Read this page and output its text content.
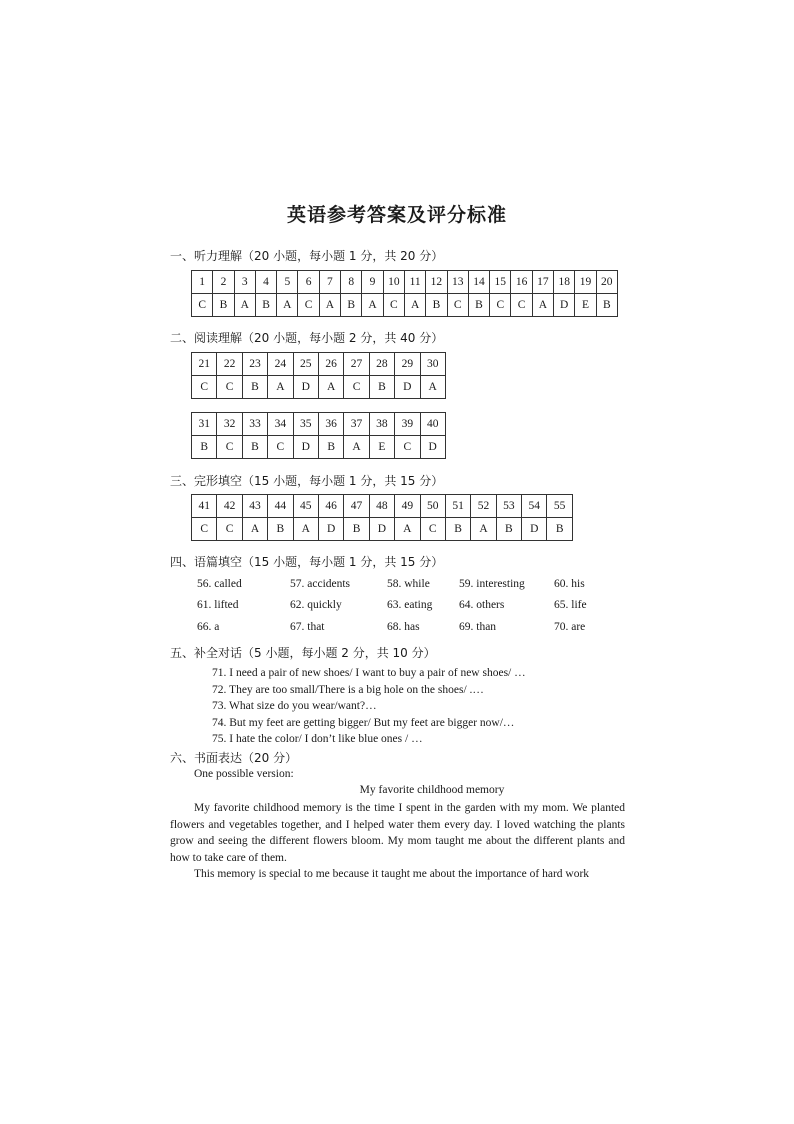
英语参考答案及评分标准
一、听力理解（20 小题，每小题 1 分，共 20 分）
1	2	3	4	5	6	7	8	9	10	11	12	13	14	15	16	17	18	19	20
C	B	A	B	A	C	A	B	A	C	A	B	C	B	C	C	A	D	E	B
二、阅读理解（20 小题，每小题 2 分，共 40 分）
21	22	23	24	25	26	27	28	29	30
C	C	B	A	D	A	C	B	D	A
31	32	33	34	35	36	37	38	39	40
B	C	B	C	D	B	A	E	C	D
三、完形填空（15 小题，每小题 1 分，共 15 分）
41	42	43	44	45	46	47	48	49	50	51	52	53	54	55
C	C	A	B	A	D	B	D	A	C	B	A	B	D	B
四、语篇填空（15 小题，每小题 1 分，共 15 分）
56. called	57. accidents	58. while	59. interesting	60. his
61. lifted	62. quickly	63. eating 64. others	65. life
66. a	67. that	68. has	69. than	70. are
五、补全对话（5 小题，每小题 2 分，共 10 分）
71. I need a pair of new shoes/ I want to buy a pair of new shoes/ …
72. They are too small/There is a big hole on the shoes/ .…
73. What size do you wear/want?…
74. But my feet are getting bigger/ But my feet are bigger now/…
75. I hate the color/ I don’t like blue ones / …
六、书面表达（20 分）
One possible version:
My favorite childhood memory

My favorite childhood memory is the time I spent in the garden with my mom. We planted flowers and vegetables together, and I helped water them every day. I loved watching the plants grow and seeing the different flowers bloom. My mom taught me about the different plants and how to take care of them.

This memory is special to me because it taught me about the importance of hard work
